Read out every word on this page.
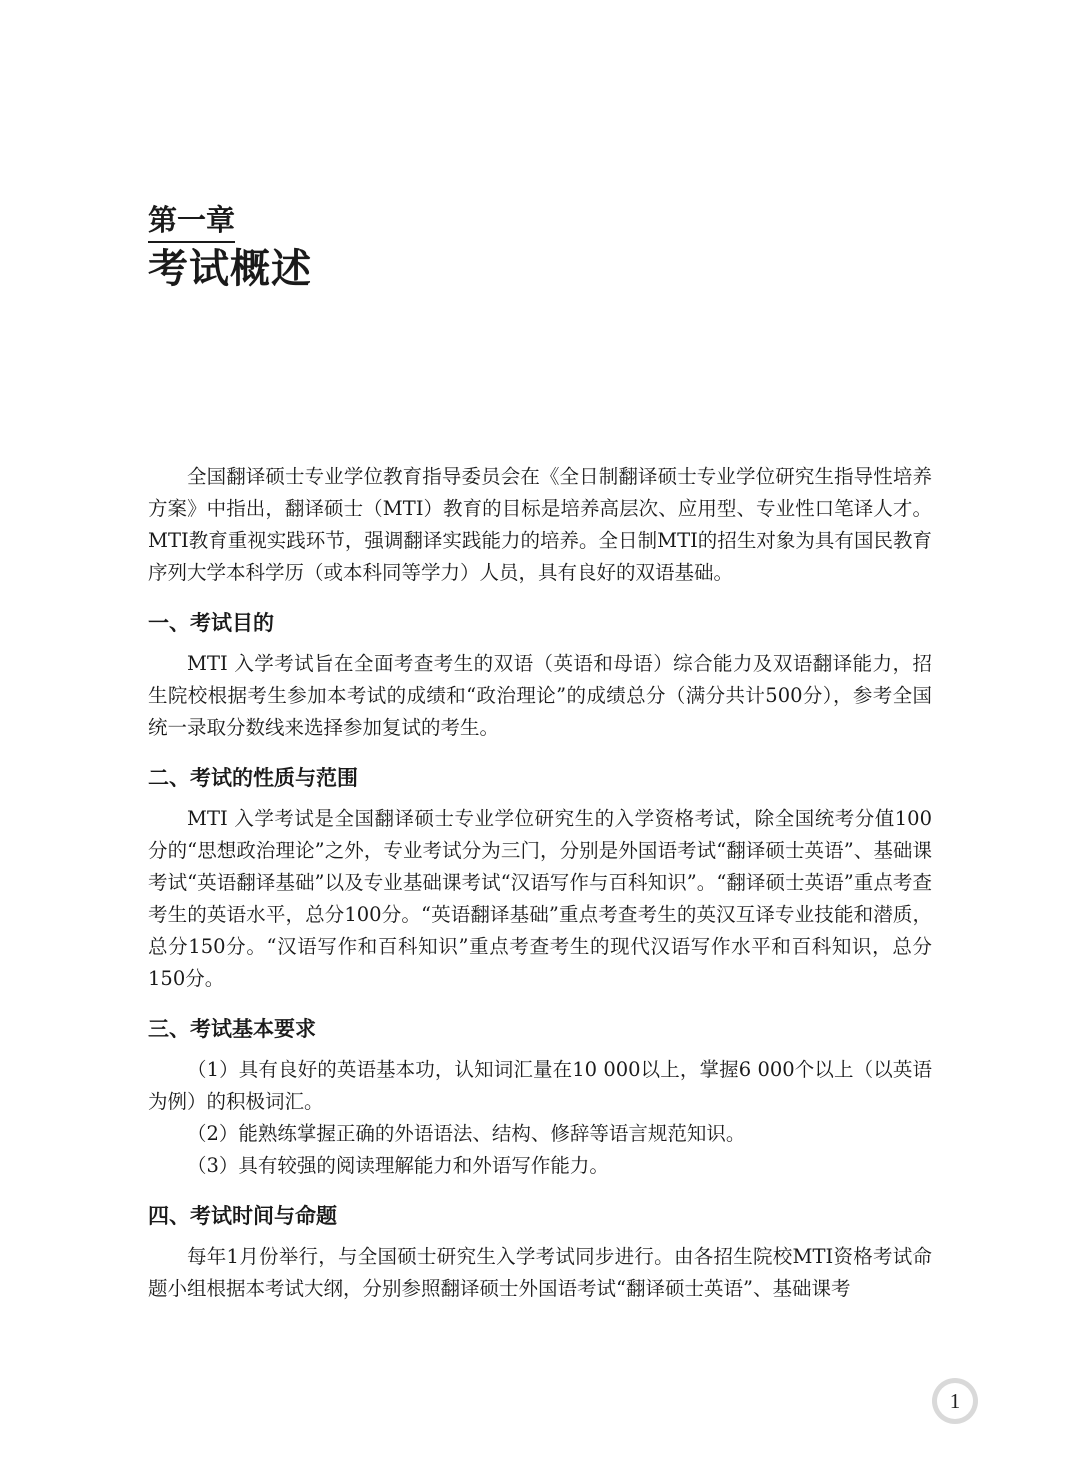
第一章
考试概述

全国翻译硕士专业学位教育指导委员会在《全日制翻译硕士专业学位研究生指导性培养方案》中指出，翻译硕士（MTI）教育的目标是培养高层次、应用型、专业性口笔译人才。MTI教育重视实践环节，强调翻译实践能力的培养。全日制MTI的招生对象为具有国民教育序列大学本科学历（或本科同等学力）人员，具有良好的双语基础。

一、考试目的

MTI 入学考试旨在全面考查考生的双语（英语和母语）综合能力及双语翻译能力，招生院校根据考生参加本考试的成绩和“政治理论”的成绩总分（满分共计500分），参考全国统一录取分数线来选择参加复试的考生。

二、考试的性质与范围

MTI 入学考试是全国翻译硕士专业学位研究生的入学资格考试，除全国统考分值100分的“思想政治理论”之外，专业考试分为三门，分别是外国语考试“翻译硕士英语”、基础课考试“英语翻译基础”以及专业基础课考试“汉语写作与百科知识”。“翻译硕士英语”重点考查考生的英语水平，总分100分。“英语翻译基础”重点考查考生的英汉互译专业技能和潜质，总分150分。“汉语写作和百科知识”重点考查考生的现代汉语写作水平和百科知识，总分150分。

三、考试基本要求

（1）具有良好的英语基本功，认知词汇量在10 000以上，掌握6 000个以上（以英语为例）的积极词汇。

（2）能熟练掌握正确的外语语法、结构、修辞等语言规范知识。

（3）具有较强的阅读理解能力和外语写作能力。

四、考试时间与命题

每年1月份举行，与全国硕士研究生入学考试同步进行。由各招生院校MTI资格考试命题小组根据本考试大纲，分别参照翻译硕士外国语考试“翻译硕士英语”、基础课考

1
